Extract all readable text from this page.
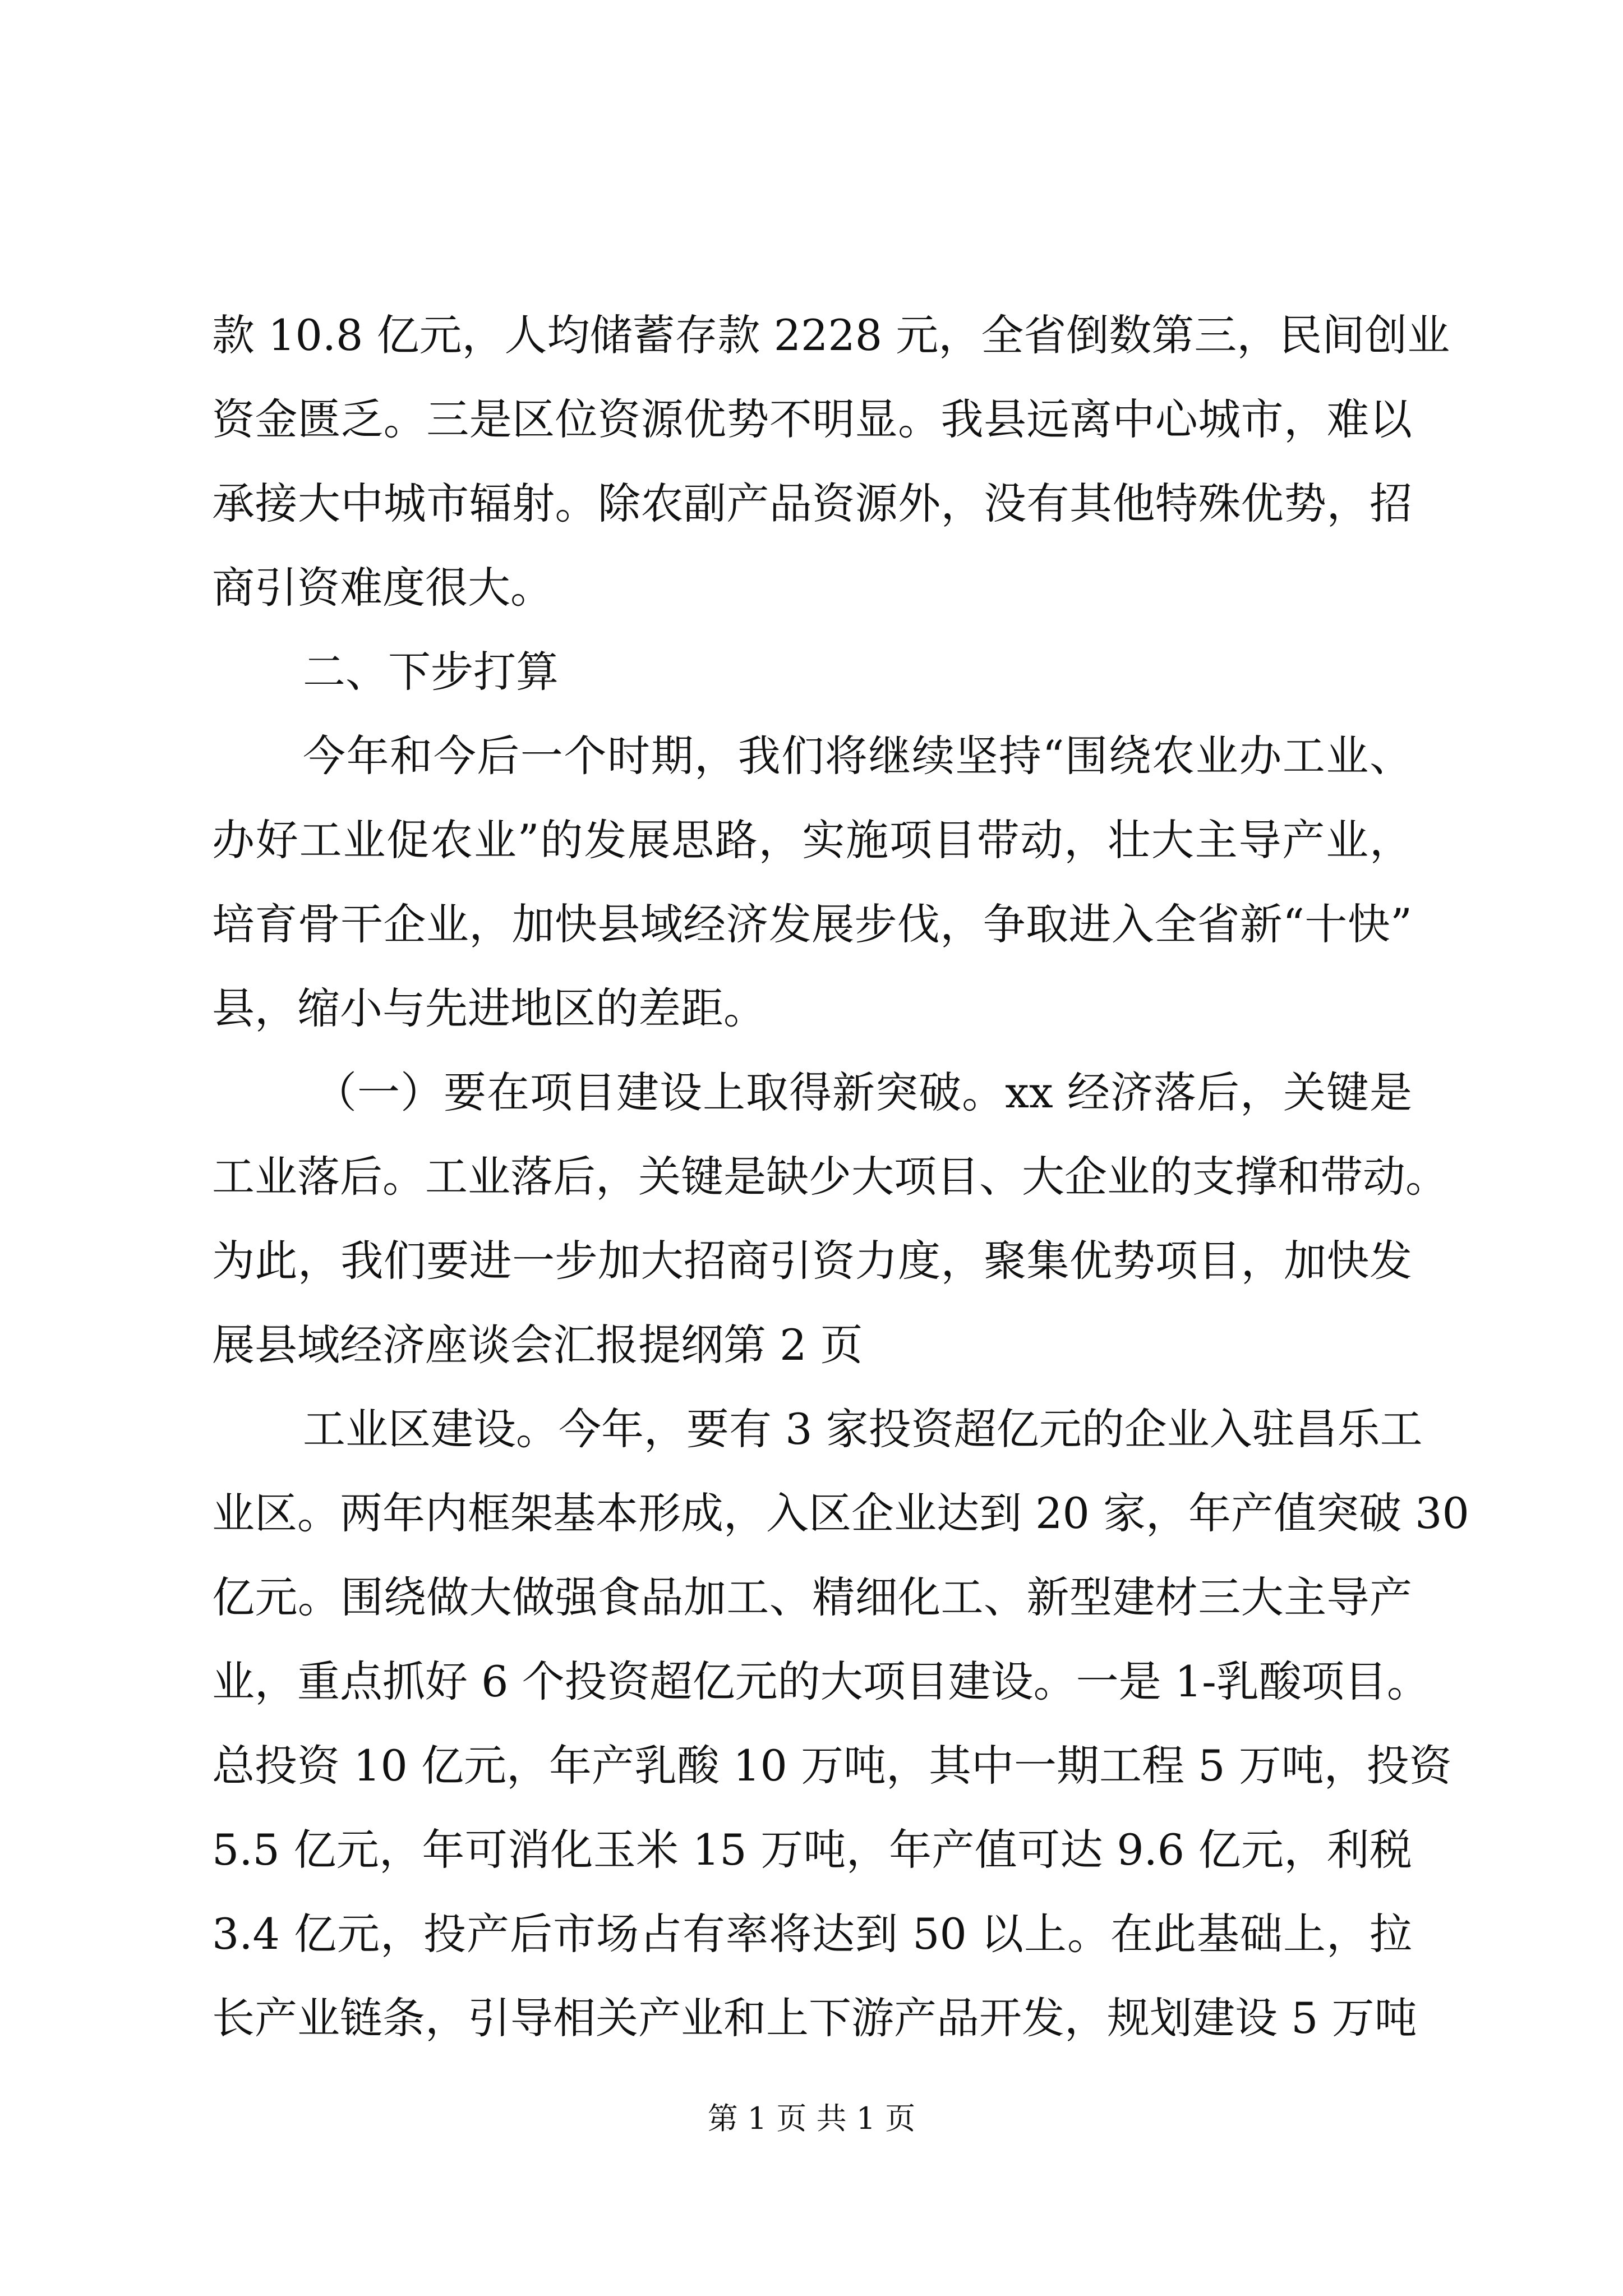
款 10.8 亿元，人均储蓄存款 2228 元，全省倒数第三，民间创业
资金匮乏。三是区位资源优势不明显。我县远离中心城市，难以
承接大中城市辐射。除农副产品资源外，没有其他特殊优势，招
商引资难度很大。
二、下步打算
今年和今后一个时期，我们将继续坚持“围绕农业办工业、
办好工业促农业”的发展思路，实施项目带动，壮大主导产业，
培育骨干企业，加快县域经济发展步伐，争取进入全省新“十快”
县，缩小与先进地区的差距。
（一）要在项目建设上取得新突破。xx 经济落后，关键是
工业落后。工业落后，关键是缺少大项目、大企业的支撑和带动。
为此，我们要进一步加大招商引资力度，聚集优势项目，加快发
展县域经济座谈会汇报提纲第 2 页
工业区建设。今年，要有 3 家投资超亿元的企业入驻昌乐工
业区。两年内框架基本形成，入区企业达到 20 家，年产值突破 30
亿元。围绕做大做强食品加工、精细化工、新型建材三大主导产
业，重点抓好 6 个投资超亿元的大项目建设。一是 1-乳酸项目。
总投资 10 亿元，年产乳酸 10 万吨，其中一期工程 5 万吨，投资
5.5 亿元，年可消化玉米 15 万吨，年产值可达 9.6 亿元，利税
3.4 亿元，投产后市场占有率将达到 50 以上。在此基础上，拉
长产业链条，引导相关产业和上下游产品开发，规划建设 5 万吨
第 1 页 共 1 页
